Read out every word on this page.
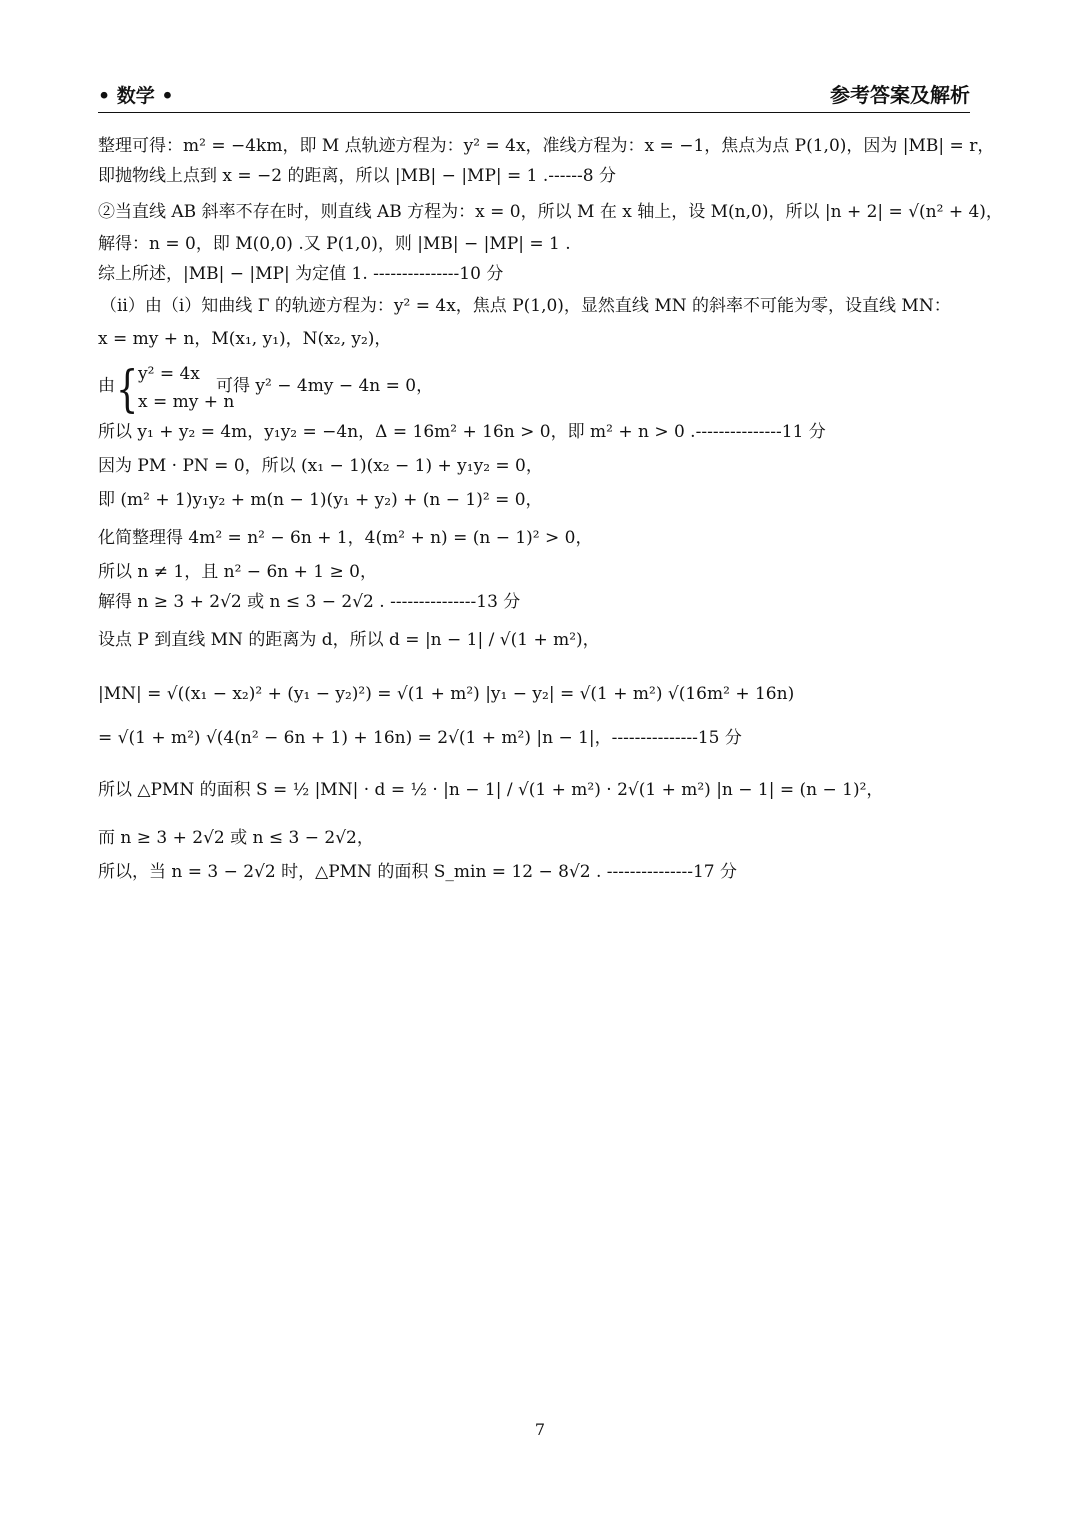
• 数学 •	参考答案及解析
整理可得：m² = −4km，即 M 点轨迹方程为：y² = 4x，准线方程为：x = −1，焦点为点 P(1,0)，因为 |MB| = r，
即抛物线上点到 x = −2 的距离，所以 |MB| − |MP| = 1 .------8 分
②当直线 AB 斜率不存在时，则直线 AB 方程为：x = 0，所以 M 在 x 轴上，设 M(n,0)，所以 |n + 2| = √(n² + 4)，
解得：n = 0，即 M(0,0) .又 P(1,0)，则 |MB| − |MP| = 1 .
综上所述，|MB| − |MP| 为定值 1. ---------------10 分
（ii）由（i）知曲线 Γ 的轨迹方程为：y² = 4x，焦点 P(1,0)，显然直线 MN 的斜率不可能为零，设直线 MN：
x = my + n，M(x₁, y₁)，N(x₂, y₂)，
由 { y² = 4x
x = my + n
可得 y² − 4my − 4n = 0，
所以 y₁ + y₂ = 4m，y₁y₂ = −4n，Δ = 16m² + 16n > 0，即 m² + n > 0 .---------------11 分
因为 PM · PN = 0，所以 (x₁ − 1)(x₂ − 1) + y₁y₂ = 0，
即 (m² + 1)y₁y₂ + m(n − 1)(y₁ + y₂) + (n − 1)² = 0，
化简整理得 4m² = n² − 6n + 1，4(m² + n) = (n − 1)² > 0，
所以 n ≠ 1，且 n² − 6n + 1 ≥ 0，
解得 n ≥ 3 + 2√2 或 n ≤ 3 − 2√2 . ---------------13 分
设点 P 到直线 MN 的距离为 d，所以 d = |n − 1| / √(1 + m²)，
|MN| = √((x₁ − x₂)² + (y₁ − y₂)²) = √(1 + m²) |y₁ − y₂| = √(1 + m²) √(16m² + 16n)
= √(1 + m²) √(4(n² − 6n + 1) + 16n) = 2√(1 + m²) |n − 1|，---------------15 分
所以 △PMN 的面积 S = ½ |MN| · d = ½ · |n − 1| / √(1 + m²) · 2√(1 + m²) |n − 1| = (n − 1)²，
而 n ≥ 3 + 2√2 或 n ≤ 3 − 2√2，
所以，当 n = 3 − 2√2 时，△PMN 的面积 S_min = 12 − 8√2 . ---------------17 分
7
